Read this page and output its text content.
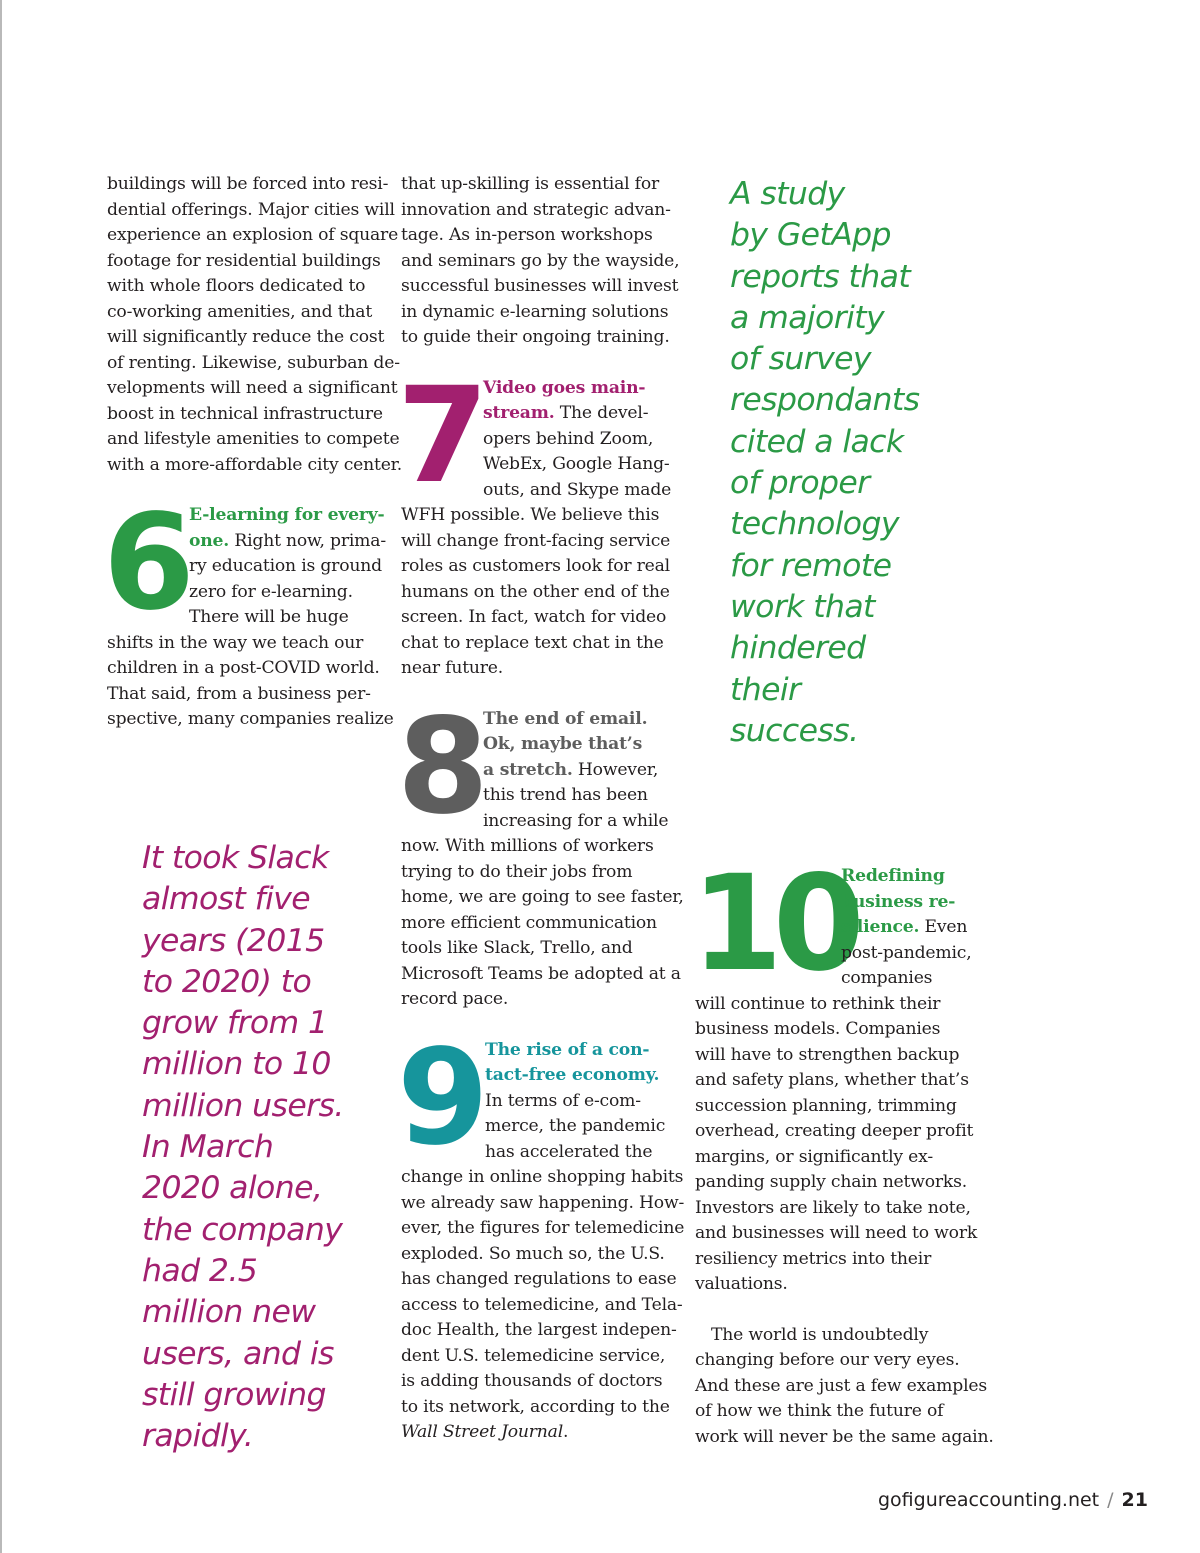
buildings will be forced into resi-
dential offerings. Major cities will
experience an explosion of square
footage for residential buildings
with whole floors dedicated to
co-working amenities, and that
will significantly reduce the cost
of renting. Likewise, suburban de-
velopments will need a significant
boost in technical infrastructure
and lifestyle amenities to compete
with a more-affordable city center.

6 E-learning for every-
one. Right now, prima-
ry education is ground
zero for e-learning.
There will be huge
shifts in the way we teach our
children in a post-COVID world.
That said, from a business per-
spective, many companies realize

It took Slack
almost five
years (2015
to 2020) to
grow from 1
million to 10
million users.
In March
2020 alone,
the company
had 2.5
million new
users, and is
still growing
rapidly.

that up-skilling is essential for
innovation and strategic advan-
tage. As in-person workshops
and seminars go by the wayside,
successful businesses will invest
in dynamic e-learning solutions
to guide their ongoing training.

7 Video goes main-
stream. The devel-
opers behind Zoom,
WebEx, Google Hang-
outs, and Skype made
WFH possible. We believe this
will change front-facing service
roles as customers look for real
humans on the other end of the
screen. In fact, watch for video
chat to replace text chat in the
near future.

8 The end of email.
Ok, maybe that’s
a stretch. However,
this trend has been
increasing for a while
now. With millions of workers
trying to do their jobs from
home, we are going to see faster,
more efficient communication
tools like Slack, Trello, and
Microsoft Teams be adopted at a
record pace.

9 The rise of a con-
tact-free economy.
In terms of e-com-
merce, the pandemic
has accelerated the
change in online shopping habits
we already saw happening. How-
ever, the figures for telemedicine
exploded. So much so, the U.S.
has changed regulations to ease
access to telemedicine, and Tela-
doc Health, the largest indepen-
dent U.S. telemedicine service,
is adding thousands of doctors
to its network, according to the
Wall Street Journal.

A study
by GetApp
reports that
a majority
of survey
respondants
cited a lack
of proper
technology
for remote
work that
hindered
their
success.

10
Redefining
business re-
silience. Even
post-pandemic,
companies
will continue to rethink their
business models. Companies
will have to strengthen backup
and safety plans, whether that’s
succession planning, trimming
overhead, creating deeper profit
margins, or significantly ex-
panding supply chain networks.
Investors are likely to take note,
and businesses will need to work
resiliency metrics into their
valuations.

The world is undoubtedly
changing before our very eyes.
And these are just a few examples
of how we think the future of
work will never be the same again.

gofigureaccounting.net / 21
